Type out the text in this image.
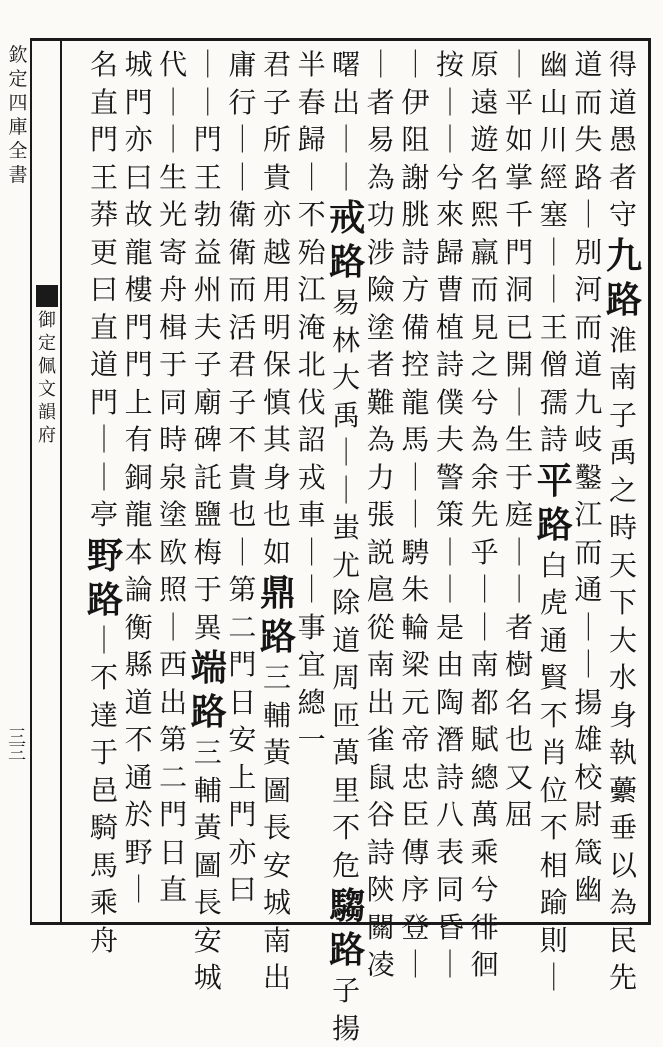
欽
定
四
庫
全
書
御
定
佩
文
韻
府
三三
得
道
愚
者
守
九
路
淮
南
子
禹
之
時
天
下
大
水
身
執
虆
垂
以
為
民
先
道
而
失
路
｜
別
河
而
道
九
岐
鑿
江
而
通
｜
｜
揚
雄
校
尉
箴
幽
幽
山
川
經
塞
｜
｜
王
僧
孺
詩
平
路
白
虎
通
賢
不
肖
位
不
相
踰
則
｜
｜
平
如
掌
千
門
洞
已
開
｜
生
于
庭
｜
｜
者
樹
名
也
又
屈
原
遠
遊
名
熙
羸
而
見
之
兮
為
余
先
乎
｜
｜
南
都
賦
總
萬
乘
兮
徘
徊
按
｜
｜
兮
來
歸
曹
植
詩
僕
夫
警
策
｜
｜
是
由
陶
潛
詩
八
表
同
昏
｜
｜
伊
阻
謝
朓
詩
方
備
控
龍
馬
｜
｜
騁
朱
輪
梁
元
帝
忠
臣
傳
序
登
｜
｜
者
易
為
功
涉
險
塗
者
難
為
力
張
説
扈
從
南
出
雀
鼠
谷
詩
陝
關
凌
曙
出
｜
｜
戒
路
易
林
大
禹
｜
｜
蚩
尤
除
道
周
匝
萬
里
不
危
騶
路
子
揚
半
春
歸
｜
不
殆
江
淹
北
伐
詔
戎
車
｜
｜
事
宜
總
一
君
子
所
貴
亦
越
用
明
保
慎
其
身
也
如
鼎
路
三
輔
黃
圖
長
安
城
南
出
庸
行
｜
｜
衛
衛
而
活
君
子
不
貴
也
｜
第
二
門
日
安
上
門
亦
曰
｜
｜
門
王
勃
益
州
夫
子
廟
碑
託
鹽
梅
于
異
端
路
三
輔
黃
圖
長
安
城
代
｜
｜
生
光
寄
舟
楫
于
同
時
泉
塗
欧
照
｜
西
出
第
二
門
日
直
城
門
亦
曰
故
龍
樓
門
門
上
有
銅
龍
本
論
衡
縣
道
不
通
於
野
｜
名
直
門
王
莽
更
曰
直
道
門
｜
｜
亭
野
路
｜
不
達
于
邑
騎
馬
乘
舟
